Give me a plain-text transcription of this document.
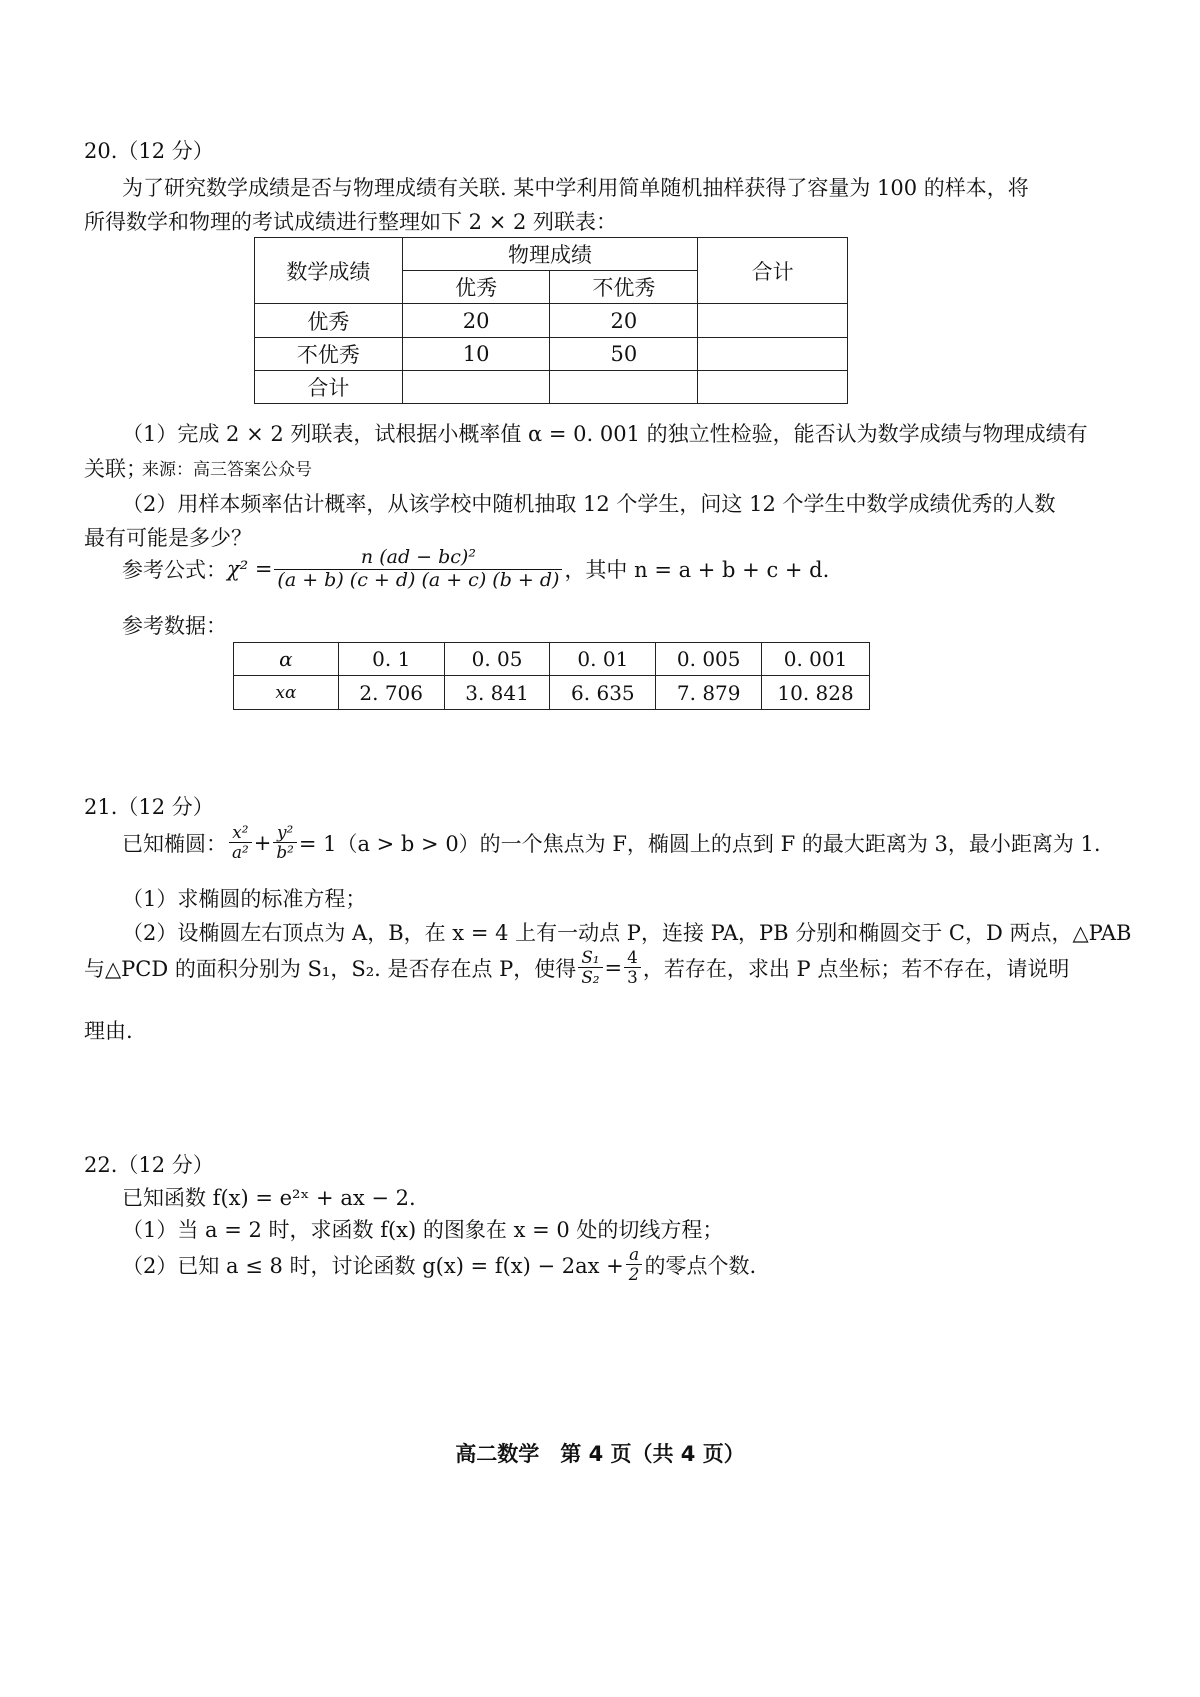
20.（12 分）
为了研究数学成绩是否与物理成绩有关联. 某中学利用简单随机抽样获得了容量为 100 的样本，将
所得数学和物理的考试成绩进行整理如下 2 × 2 列联表：
数学成绩	物理成绩		合计
	优秀	不优秀	
优秀	20	20	
不优秀	10	50	
合计			
（1）完成 2 × 2 列联表，试根据小概率值 α = 0. 001 的独立性检验，能否认为数学成绩与物理成绩有
关联；
来源：高三答案公众号
（2）用样本频率估计概率，从该学校中随机抽取 12 个学生，问这 12 个学生中数学成绩优秀的人数
最有可能是多少？
参考公式： $\chi^2 = \frac{\text{n (ad − bc)²}}{(a + b) (c + d) (a + c) (b + d)}$ ，其中 n = a + b + c + d.
参考数据：
α	0. 1	0. 05	0. 01	0. 005	0. 001
xα	2. 706	3. 841	6. 635	7. 879	10. 828
21.（12 分）
已知椭圆： $\frac{\text{x²}}{\text{a²}} + \frac{\text{y²}}{\text{b²}} = 1(a > b > 0)$的一个焦点为 F，椭圆上的点到 F 的最大距离为 3，最小距离为 1.
（1）求椭圆的标准方程；
（2）设椭圆左右顶点为 A，B，在 x = 4 上有一动点 P，连接 PA，PB 分别和椭圆交于 C，D 两点，△PAB
与△PCD 的面积分别为 S₁，S₂. 是否存在点 P，使得 $\frac{\text{S₁}}{\text{S₂}} = \frac{4}{3}$ ，若存在，求出 P 点坐标；若不存在，请说明
理由.
22.（12 分）
已知函数 f(x) = e²ˣ + ax − 2.
（1）当 a = 2 时，求函数 f(x) 的图象在 x = 0 处的切线方程；
（2）已知 a ≤ 8 时，讨论函数 $g(x) = f(x) - 2ax + \frac{a}{2}$ 的零点个数.
高二数学　第 4 页（共 4 页）
